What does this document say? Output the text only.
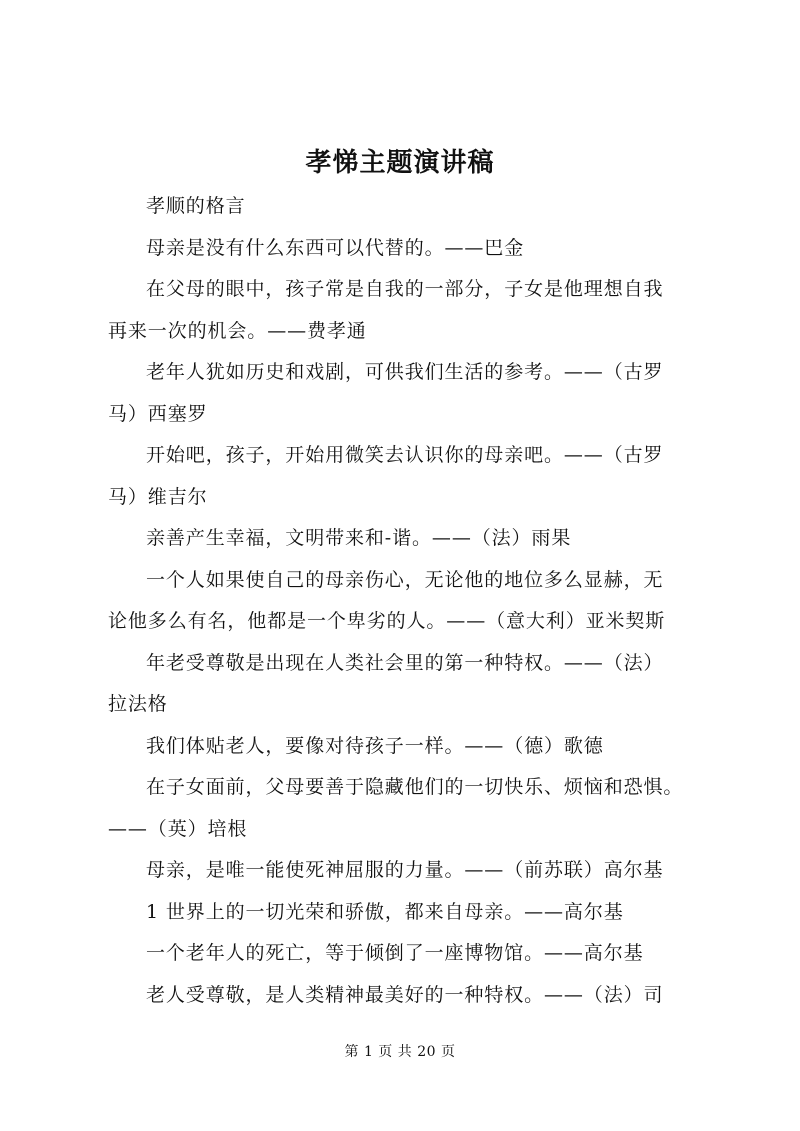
孝悌主题演讲稿
孝顺的格言
母亲是没有什么东西可以代替的。——巴金
在父母的眼中，孩子常是自我的一部分，子女是他理想自我
再来一次的机会。——费孝通
老年人犹如历史和戏剧，可供我们生活的参考。——（古罗
马）西塞罗
开始吧，孩子，开始用微笑去认识你的母亲吧。——（古罗
马）维吉尔
亲善产生幸福，文明带来和-谐。——（法）雨果
一个人如果使自己的母亲伤心，无论他的地位多么显赫，无
论他多么有名，他都是一个卑劣的人。——（意大利）亚米契斯
年老受尊敬是出现在人类社会里的第一种特权。——（法）
拉法格
我们体贴老人，要像对待孩子一样。——（德）歌德
在子女面前，父母要善于隐藏他们的一切快乐、烦恼和恐惧。
——（英）培根
母亲，是唯一能使死神屈服的力量。——（前苏联）高尔基
1 世界上的一切光荣和骄傲，都来自母亲。——高尔基
一个老年人的死亡，等于倾倒了一座博物馆。——高尔基
老人受尊敬，是人类精神最美好的一种特权。——（法）司
第 1 页 共 20 页
